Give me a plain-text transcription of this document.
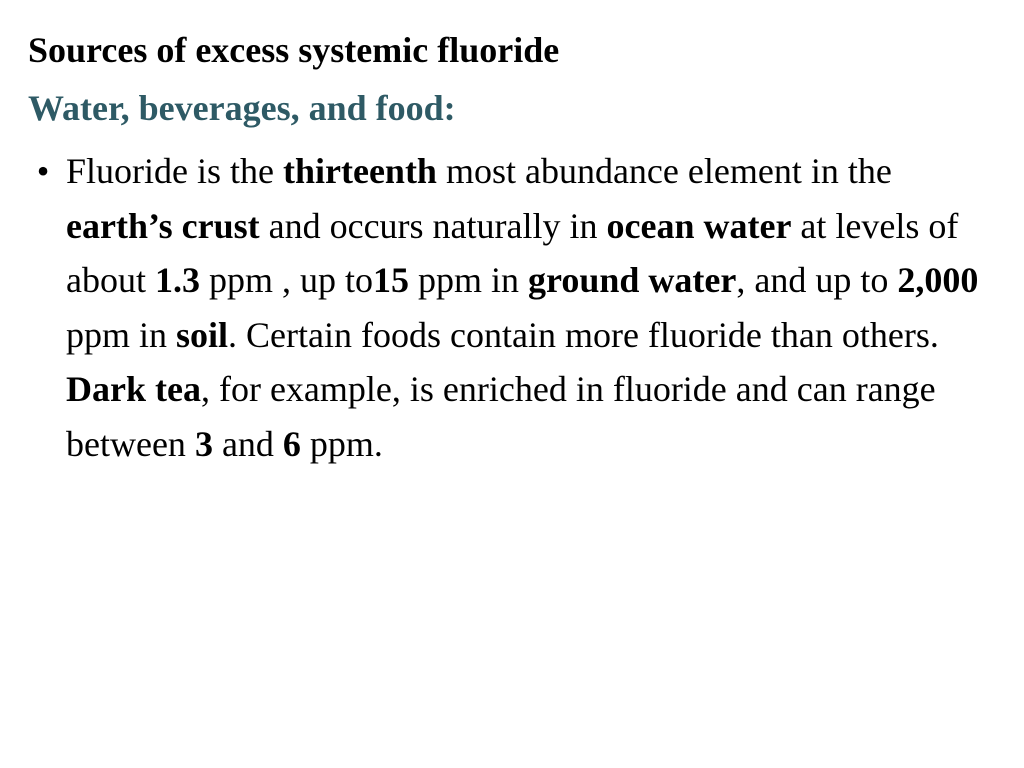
Sources of excess systemic fluoride
Water, beverages, and food:
• Fluoride is the thirteenth most abundance element in the earth’s crust and occurs naturally in ocean water at levels of about 1.3 ppm , up to15 ppm in ground water, and up to 2,000 ppm in soil. Certain foods contain more fluoride than others. Dark tea, for example, is enriched in fluoride and can range between 3 and 6 ppm.
